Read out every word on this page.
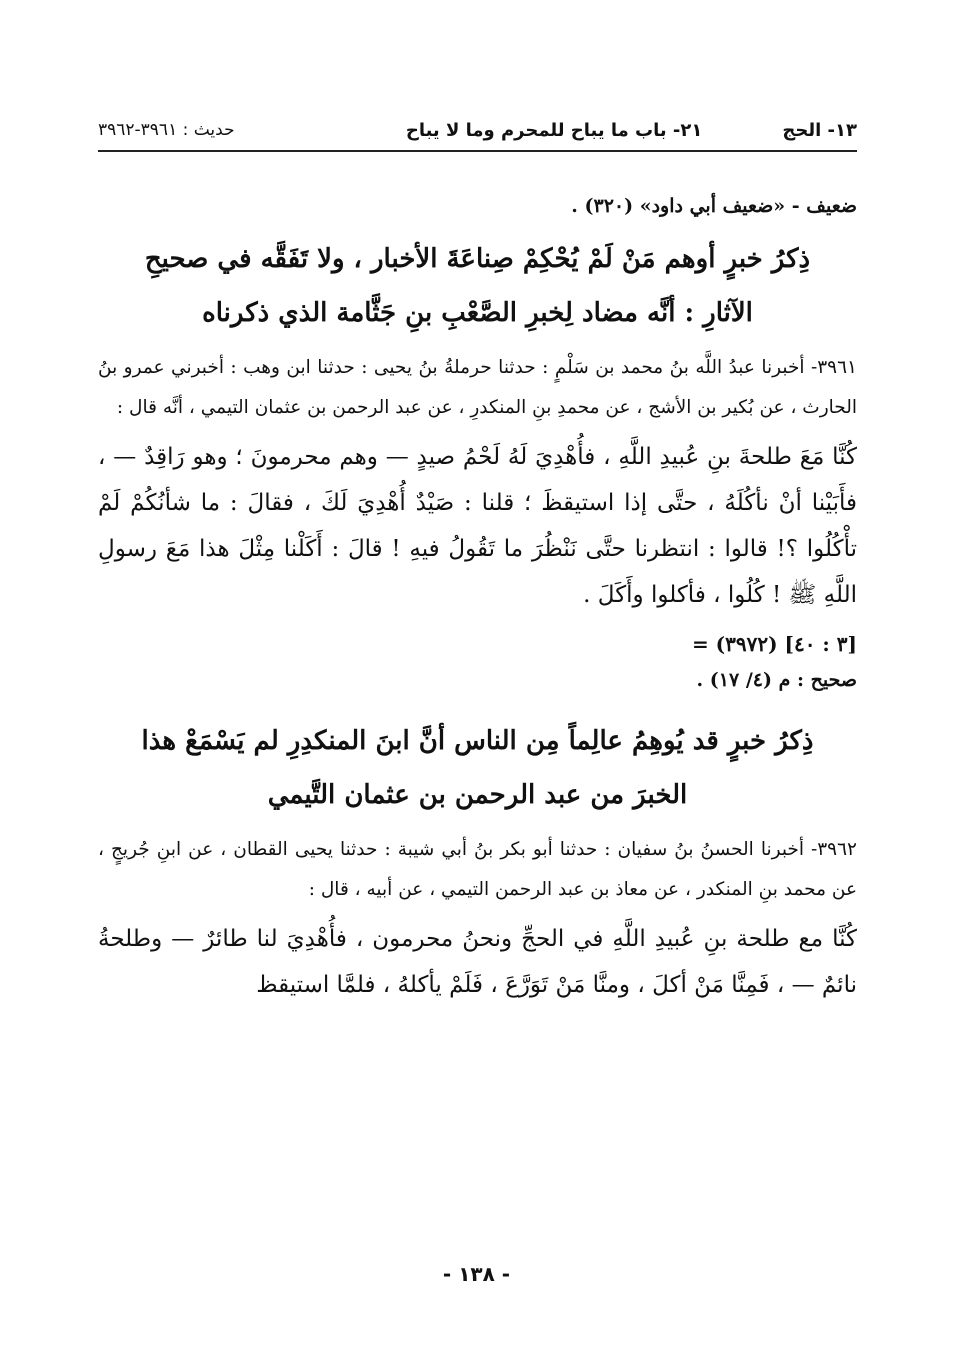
١٣- الحج
٢١- باب ما يباح للمحرم وما لا يباح
حديث : ٣٩٦١-٣٩٦٢

ضعيف - «ضعيف أبي داود» (٣٢٠) .

ذِكرُ خبرٍ أوهم مَنْ لَمْ يُحْكِمْ صِناعَةَ الأخبار ، ولا تَفَقَّه في صحيحِ الآثارِ : أنَّه مضاد لِخبرِ الصَّعْبِ بنِ جَثَّامة الذي ذكرناه

٣٩٦١- أخبرنا عبدُ اللَّه بنُ محمد بن سَلْمٍ : حدثنا حرملةُ بنُ يحيى : حدثنا ابن وهب : أخبرني عمرو بنُ الحارث ، عن بُكير بن الأشج ، عن محمدِ بنِ المنكدرِ ، عن عبد الرحمن بن عثمان التيمي ، أنَّه قال :

كُنَّا مَعَ طلحةَ بنِ عُبيدِ اللَّهِ ، فأُهْدِيَ لَهُ لَحْمُ صيدٍ — وهم محرمونَ ؛ وهو رَاقِدٌ — ، فأَبَيْنا أنْ نأكُلَهُ ، حتَّى إذا استيقظَ ؛ قلنا : صَيْدٌ أُهْدِيَ لَكَ ، فقالَ : ما شأنُكُمْ لَمْ تأْكُلُوا ؟! قالوا : انتظرنا حتَّى نَنْظُرَ ما تَقُولُ فيهِ ! قالَ : أَكَلْنا مِثْلَ هذا مَعَ رسولِ اللَّهِ ﷺ ! كُلُوا ، فأكلوا وأَكَلَ .

= (٣٩٧٢) [٣ : ٤٠]

صحيح : م (٤/ ١٧) .

ذِكرُ خبرٍ قد يُوهِمُ عالِماً مِن الناس أنَّ ابنَ المنكدِرِ لم يَسْمَعْ هذا الخبرَ من عبد الرحمن بن عثمان التَّيمي

٣٩٦٢- أخبرنا الحسنُ بنُ سفيان : حدثنا أبو بكر بنُ أبي شيبة : حدثنا يحيى القطان ، عن ابنِ جُريجٍ ، عن محمد بنِ المنكدر ، عن معاذ بن عبد الرحمن التيمي ، عن أبيه ، قال :

كُنَّا مع طلحة بنِ عُبيدِ اللَّهِ في الحجِّ ونحنُ محرمون ، فأُهْدِيَ لنا طائرٌ — وطلحةُ نائمٌ — ، فَمِنَّا مَنْ أكلَ ، ومنَّا مَنْ تَوَرَّعَ ، فَلَمْ يأكلهُ ، فلمَّا استيقظ

- ١٣٨ -
